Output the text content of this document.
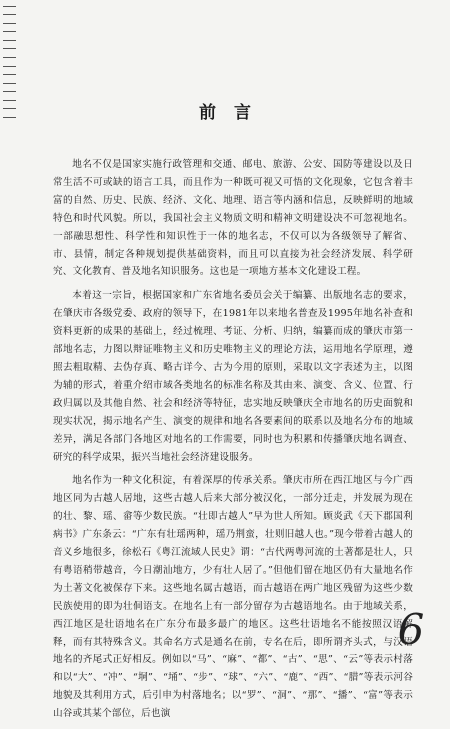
前言

地名不仅是国家实施行政管理和交通、邮电、旅游、公安、国防等建设以及日常生活不可或缺的语言工具，而且作为一种既可视又可悟的文化现象，它包含着丰富的自然、历史、民族、经济、文化、地理、语言等内涵和信息，反映鲜明的地域特色和时代风貌。所以，我国社会主义物质文明和精神文明建设决不可忽视地名。一部融思想性、科学性和知识性于一体的地名志，不仅可以为各级领导了解省、市、县情，制定各种规划提供基础资料，而且可以直接为社会经济发展、科学研究、文化教育、普及地名知识服务。这也是一项地方基本文化建设工程。

本着这一宗旨，根据国家和广东省地名委员会关于编纂、出版地名志的要求，在肇庆市各级党委、政府的领导下，在1981年以来地名普查及1995年地名补查和资料更新的成果的基础上，经过梳理、考证、分析、归纳，编纂而成的肇庆市第一部地名志，力图以辩证唯物主义和历史唯物主义的理论方法，运用地名学原理，遵照去粗取精、去伪存真、略古详今、古为今用的原则，采取以文字表述为主，以图为辅的形式，着重介绍市域各类地名的标准名称及其由来、演变、含义、位置、行政归属以及其他自然、社会和经济等特征，忠实地反映肇庆全市地名的历史面貌和现实状况，揭示地名产生、演变的规律和地名各要素间的联系以及地名分布的地域差异，满足各部门各地区对地名的工作需要，同时也为积累和传播肇庆地名调查、研究的科学成果，振兴当地社会经济建设服务。

地名作为一种文化积淀，有着深厚的传承关系。肇庆市所在西江地区与今广西地区同为古越人居地，这些古越人后来大部分被汉化，一部分迁走，并发展为现在的壮、黎、瑶、畲等少数民族。“壮即古越人”早为世人所知。顾炎武《天下郡国利病书》广东条云：“广东有壮瑶两种，瑶乃荆蛮，壮则旧越人也。”现今带着古越人的音义乡地很多，徐松石《粤江流域人民史》谓：“古代两粤河流的土著都是壮人，只有粤语稍带越音，今日潮汕地方，少有壮人居了。”但他们留在地区仍有大量地名作为土著文化被保存下来。这些地名属古越语，而古越语在两广地区残留为这些少数民族使用的即为壮侗语支。在地名上有一部分留存为古越语地名。由于地域关系，西江地区是壮语地名在广东分布最多最广的地区。这些壮语地名不能按照汉语解释，而有其特殊含义。其命名方式是通名在前，专名在后，即所谓齐头式，与汉语地名的齐尾式正好相反。例如以“马”、“麻”、“都”、“古”、“思”、“云”等表示村落和以“大”、“冲”、“垌”、“埇”、“步”、“球”、“六”、“鹿”、“西”、“腊”等表示河谷地貌及其利用方式，后引申为村落地名；以“罗”、“洞”、“那”、“播”、“富”等表示山谷或其某个部位，后也演

6
